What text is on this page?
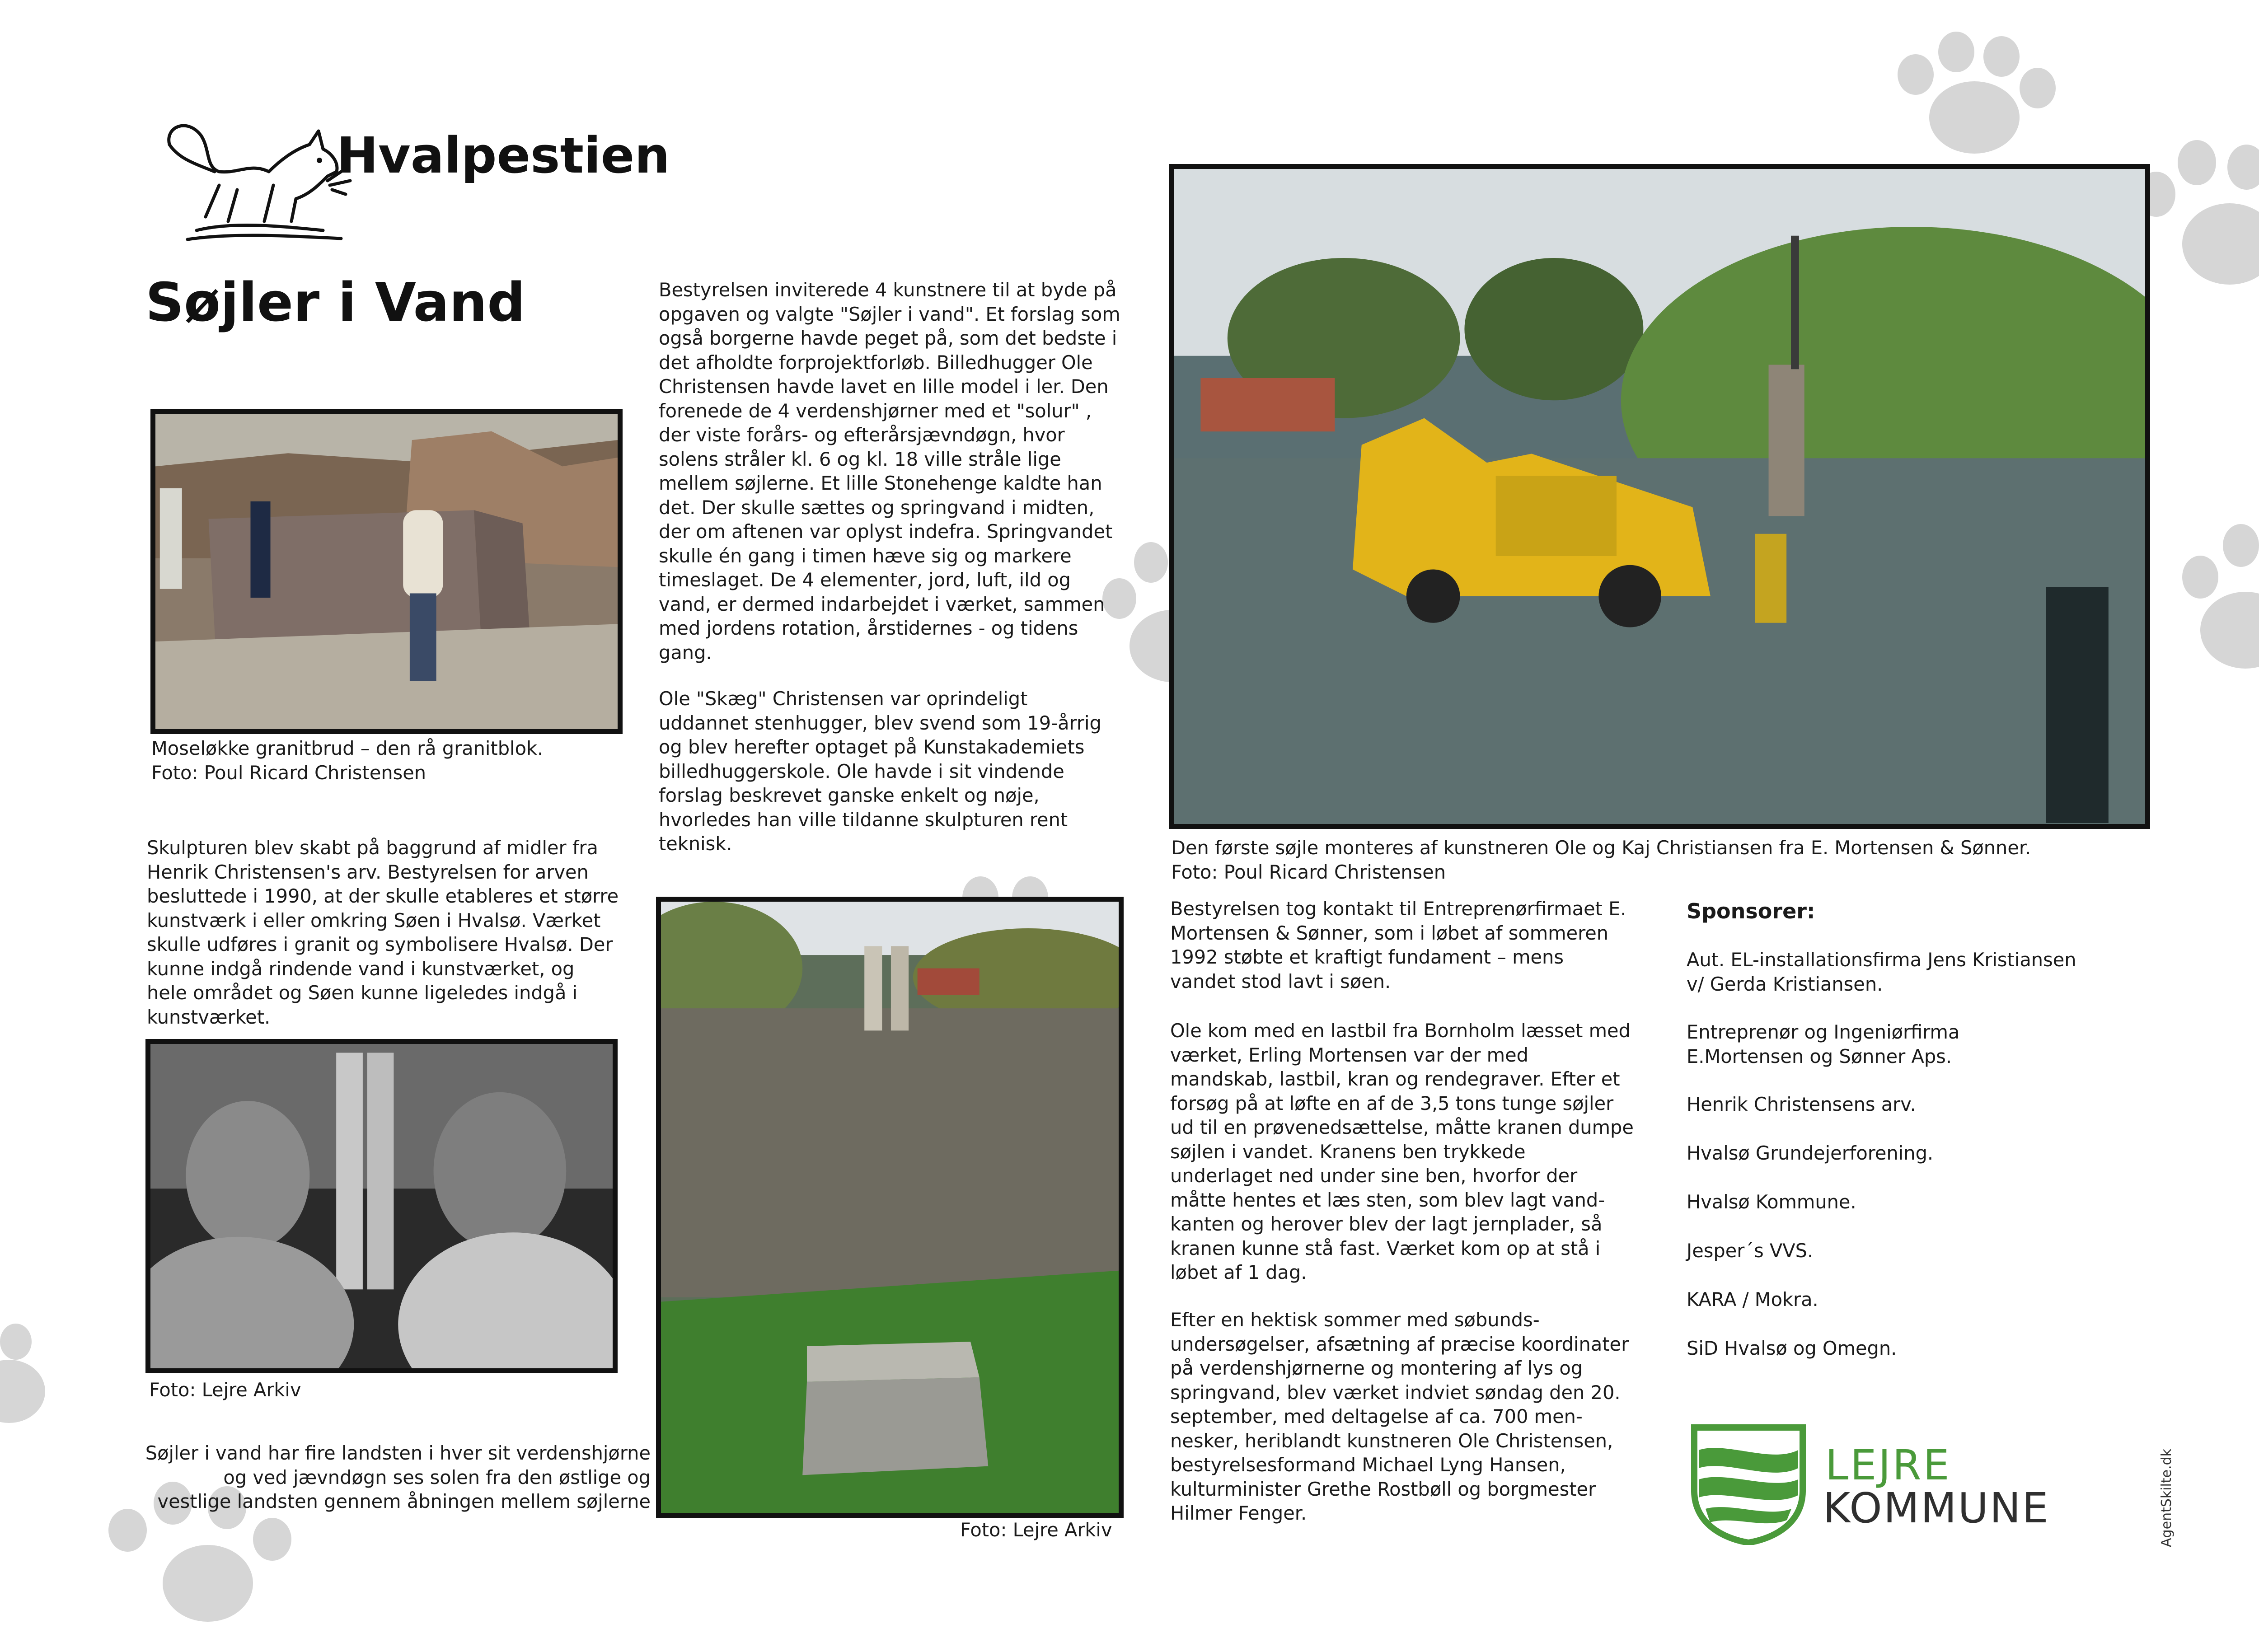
Hvalpestien
Søjler i Vand
Moseløkke granitbrud – den rå granitblok.
Foto: Poul Ricard Christensen
Skulpturen blev skabt på baggrund af midler fra
Henrik Christensen's arv. Bestyrelsen for arven
besluttede i 1990, at der skulle etableres et større
kunstværk i eller omkring Søen i Hvalsø. Værket
skulle udføres i granit og symbolisere Hvalsø. Der
kunne indgå rindende vand i kunstværket, og
hele området og Søen kunne ligeledes indgå i
kunstværket.
Foto: Lejre Arkiv
Søjler i vand har fire landsten i hver sit verdenshjørne
og ved jævndøgn ses solen fra den østlige og
vestlige landsten gennem åbningen mellem søjlerne
Bestyrelsen inviterede 4 kunstnere til at byde på
opgaven og valgte "Søjler i vand". Et forslag som
også borgerne havde peget på, som det bedste i
det afholdte forprojektforløb. Billedhugger Ole
Christensen havde lavet en lille model i ler. Den
forenede de 4 verdenshjørner med et "solur" ,
der viste forårs- og efterårsjævndøgn, hvor
solens stråler kl. 6 og kl. 18 ville stråle lige
mellem søjlerne. Et lille Stonehenge kaldte han
det. Der skulle sættes og springvand i midten,
der om aftenen var oplyst indefra. Springvandet
skulle én gang i timen hæve sig og markere
timeslaget. De 4 elementer, jord, luft, ild og
vand, er dermed indarbejdet i værket, sammen
med jordens rotation, årstidernes - og tidens
gang.
Ole "Skæg" Christensen var oprindeligt
uddannet stenhugger, blev svend som 19-årrig
og blev herefter optaget på Kunstakademiets
billedhuggerskole. Ole havde i sit vindende
forslag beskrevet ganske enkelt og nøje,
hvorledes han ville tildanne skulpturen rent
teknisk.
Foto: Lejre Arkiv
Den første søjle monteres af kunstneren Ole og Kaj Christiansen fra E. Mortensen & Sønner.
Foto: Poul Ricard Christensen
Bestyrelsen tog kontakt til Entreprenørfirmaet E.
Mortensen & Sønner, som i løbet af sommeren
1992 støbte et kraftigt fundament – mens
vandet stod lavt i søen.
Ole kom med en lastbil fra Bornholm læsset med
værket, Erling Mortensen var der med
mandskab, lastbil, kran og rendegraver. Efter et
forsøg på at løfte en af de 3,5 tons tunge søjler
ud til en prøvenedsættelse, måtte kranen dumpe
søjlen i vandet. Kranens ben trykkede
underlaget ned under sine ben, hvorfor der
måtte hentes et læs sten, som blev lagt vand-
kanten og herover blev der lagt jernplader, så
kranen kunne stå fast. Værket kom op at stå i
løbet af 1 dag.
Efter en hektisk sommer med søbunds-
undersøgelser, afsætning af præcise koordinater
på verdenshjørnerne og montering af lys og
springvand, blev værket indviet søndag den 20.
september, med deltagelse af ca. 700 men-
nesker, heriblandt kunstneren Ole Christensen,
bestyrelsesformand Michael Lyng Hansen,
kulturminister Grethe Rostbøll og borgmester
Hilmer Fenger.
Sponsorer:
Aut. EL-installationsfirma Jens Kristiansen
v/ Gerda Kristiansen.
Entreprenør og Ingeniørfirma
E.Mortensen og Sønner Aps.
Henrik Christensens arv.
Hvalsø Grundejerforening.
Hvalsø Kommune.
Jesper´s VVS.
KARA / Mokra.
SiD Hvalsø og Omegn.
LEJRE
KOMMUNE	AgentSkilte.dk
